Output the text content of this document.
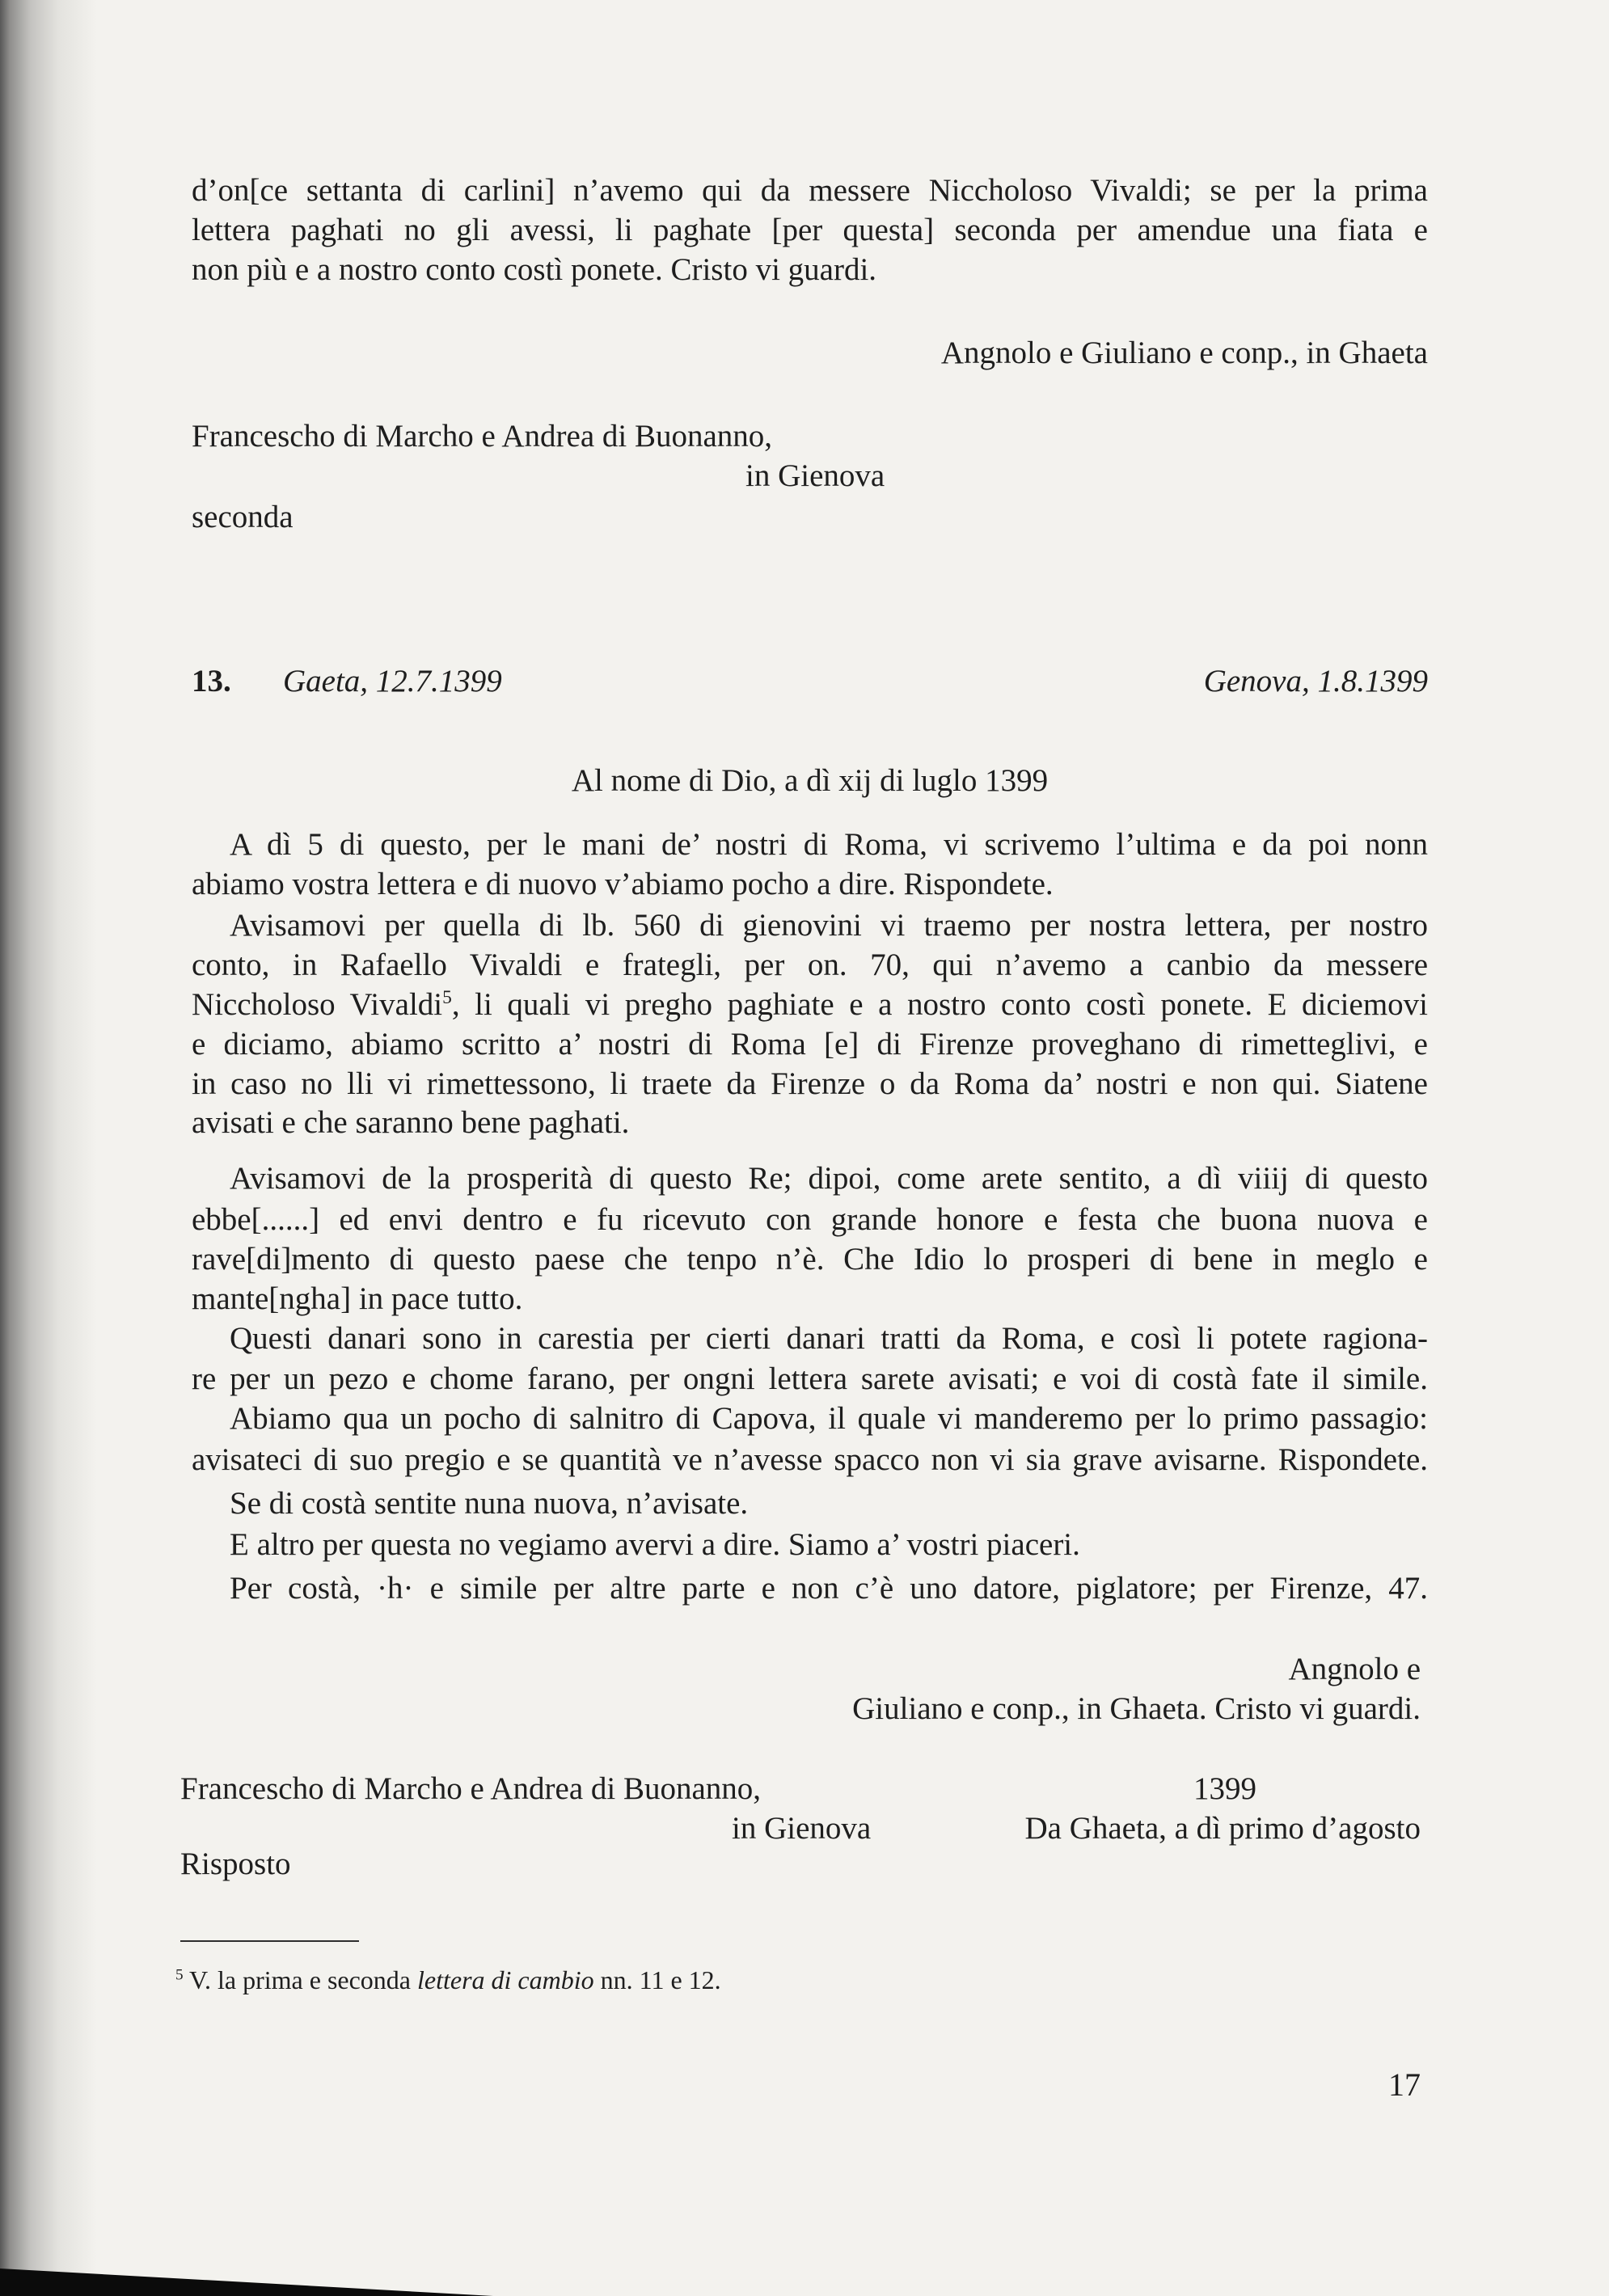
d’on[ce settanta di carlini] n’avemo qui da messere Niccholoso Vivaldi; se per la prima
lettera paghati no gli avessi, li paghate [per questa] seconda per amendue una fiata e
non più e a nostro conto costì ponete. Cristo vi guardi.
Angnolo e Giuliano e conp., in Ghaeta
Francescho di Marcho e Andrea di Buonanno,
in Gienova
seconda
13. Gaeta, 12.7.1399	Genova, 1.8.1399
Al nome di Dio, a dì xij di luglo 1399
A dì 5 di questo, per le mani de’ nostri di Roma, vi scrivemo l’ultima e da poi nonn
abiamo vostra lettera e di nuovo v’abiamo pocho a dire. Rispondete.
Avisamovi per quella di lb. 560 di gienovini vi traemo per nostra lettera, per nostro
conto, in Rafaello Vivaldi e frategli, per on. 70, qui n’avemo a canbio da messere
Niccholoso Vivaldi$^5$, li quali vi pregho paghiate e a nostro conto costì ponete. E diciemovi
e diciamo, abiamo scritto a’ nostri di Roma [e] di Firenze proveghano di rimetteglivi, e
in caso no lli vi rimettessono, li traete da Firenze o da Roma da’ nostri e non qui. Siatene
avisati e che saranno bene paghati.
Avisamovi de la prosperità di questo Re; dipoi, come arete sentito, a dì viiij di questo
ebbe[......] ed envi dentro e fu ricevuto con grande honore e festa che buona nuova e
rave[di]mento di questo paese che tenpo n’è. Che Idio lo prosperi di bene in meglo e
mante[ngha] in pace tutto.
Questi danari sono in carestia per cierti danari tratti da Roma, e così li potete ragiona-
re per un pezo e chome farano, per ongni lettera sarete avisati; e voi di costà fate il simile.
Abiamo qua un pocho di salnitro di Capova, il quale vi manderemo per lo primo passagio:
avisateci di suo pregio e se quantità ve n’avesse spacco non vi sia grave avisarne. Rispondete.
Se di costà sentite nuna nuova, n’avisate.
E altro per questa no vegiamo avervi a dire. Siamo a’ vostri piaceri.
Per costà, ·h· e simile per altre parte e non c’è uno datore, piglatore; per Firenze, 47.
Angnolo e
Giuliano e conp., in Ghaeta. Cristo vi guardi.
Francescho di Marcho e Andrea di Buonanno,	1399
in Gienova	Da Ghaeta, a dì primo d’agosto
Risposto
$^5$ V. la prima e seconda lettera di cambio nn. 11 e 12.
17
